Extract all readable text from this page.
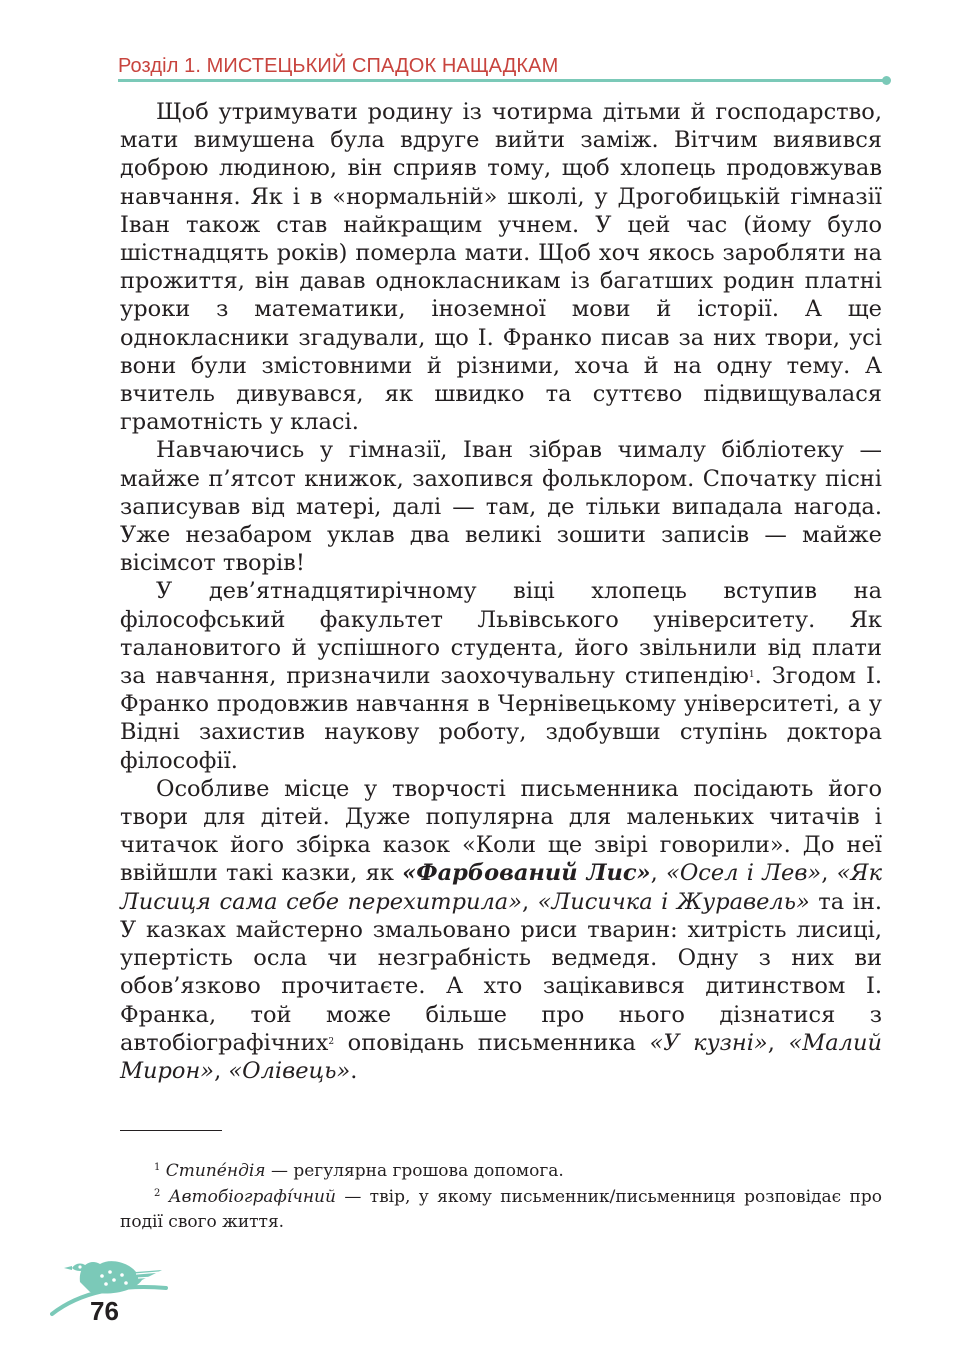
Розділ 1. МИСТЕЦЬКИЙ СПАДОК НАЩАДКАМ

Щоб утримувати родину із чотирма дітьми й господарство, мати вимушена була вдруге вийти заміж. Вітчим виявився доброю людиною, він сприяв тому, щоб хлопець продовжував навчання. Як і в «нормальній» школі, у Дрогобицькій гімназії Іван також став найкращим учнем. У цей час (йому було шістнадцять років) померла мати. Щоб хоч якось заробляти на прожиття, він давав однокласникам із багатших родин платні уроки з математики, іноземної мови й історії. А ще однокласники згадували, що І. Франко писав за них твори, усі вони були змістовними й різними, хоча й на одну тему. А вчитель дивувався, як швидко та суттєво підвищувалася грамотність у класі.

Навчаючись у гімназії, Іван зібрав чималу бібліотеку — майже п’ятсот книжок, захопився фольклором. Спочатку пісні записував від матері, далі — там, де тільки випадала нагода. Уже незабаром уклав два великі зошити записів — майже вісімсот творів!

У дев’ятнадцятирічному віці хлопець вступив на філософський факультет Львівського університету. Як талановитого й успішного студента, його звільнили від плати за навчання, призначили заохочувальну стипендію$^1$. Згодом І. Франко продовжив навчання в Чернівецькому університеті, а у Відні захистив наукову роботу, здобувши ступінь доктора філософії.

Особливе місце у творчості письменника посідають його твори для дітей. Дуже популярна для маленьких читачів і читачок його збірка казок «Коли ще звірі говорили». До неї ввійшли такі казки, як «Фарбований Лис», «Осел і Лев», «Як Лисиця сама себе перехитрила», «Лисичка і Журавель» та ін. У казках майстерно змальовано риси тварин: хитрість лисиці, упертість осла чи незграбність ведмедя. Одну з них ви обов’язково прочитаєте. А хто зацікавився дитинством І. Франка, той може більше про нього дізнатися з автобіографічних$^2$ оповідань письменника «У кузні», «Малий Мирон», «Олівець».

$^1$ Стипе́ндія — регулярна грошова допомога.

$^2$ Автобіографі́чний — твір, у якому письменник/письменниця розповідає про події свого життя.

76
